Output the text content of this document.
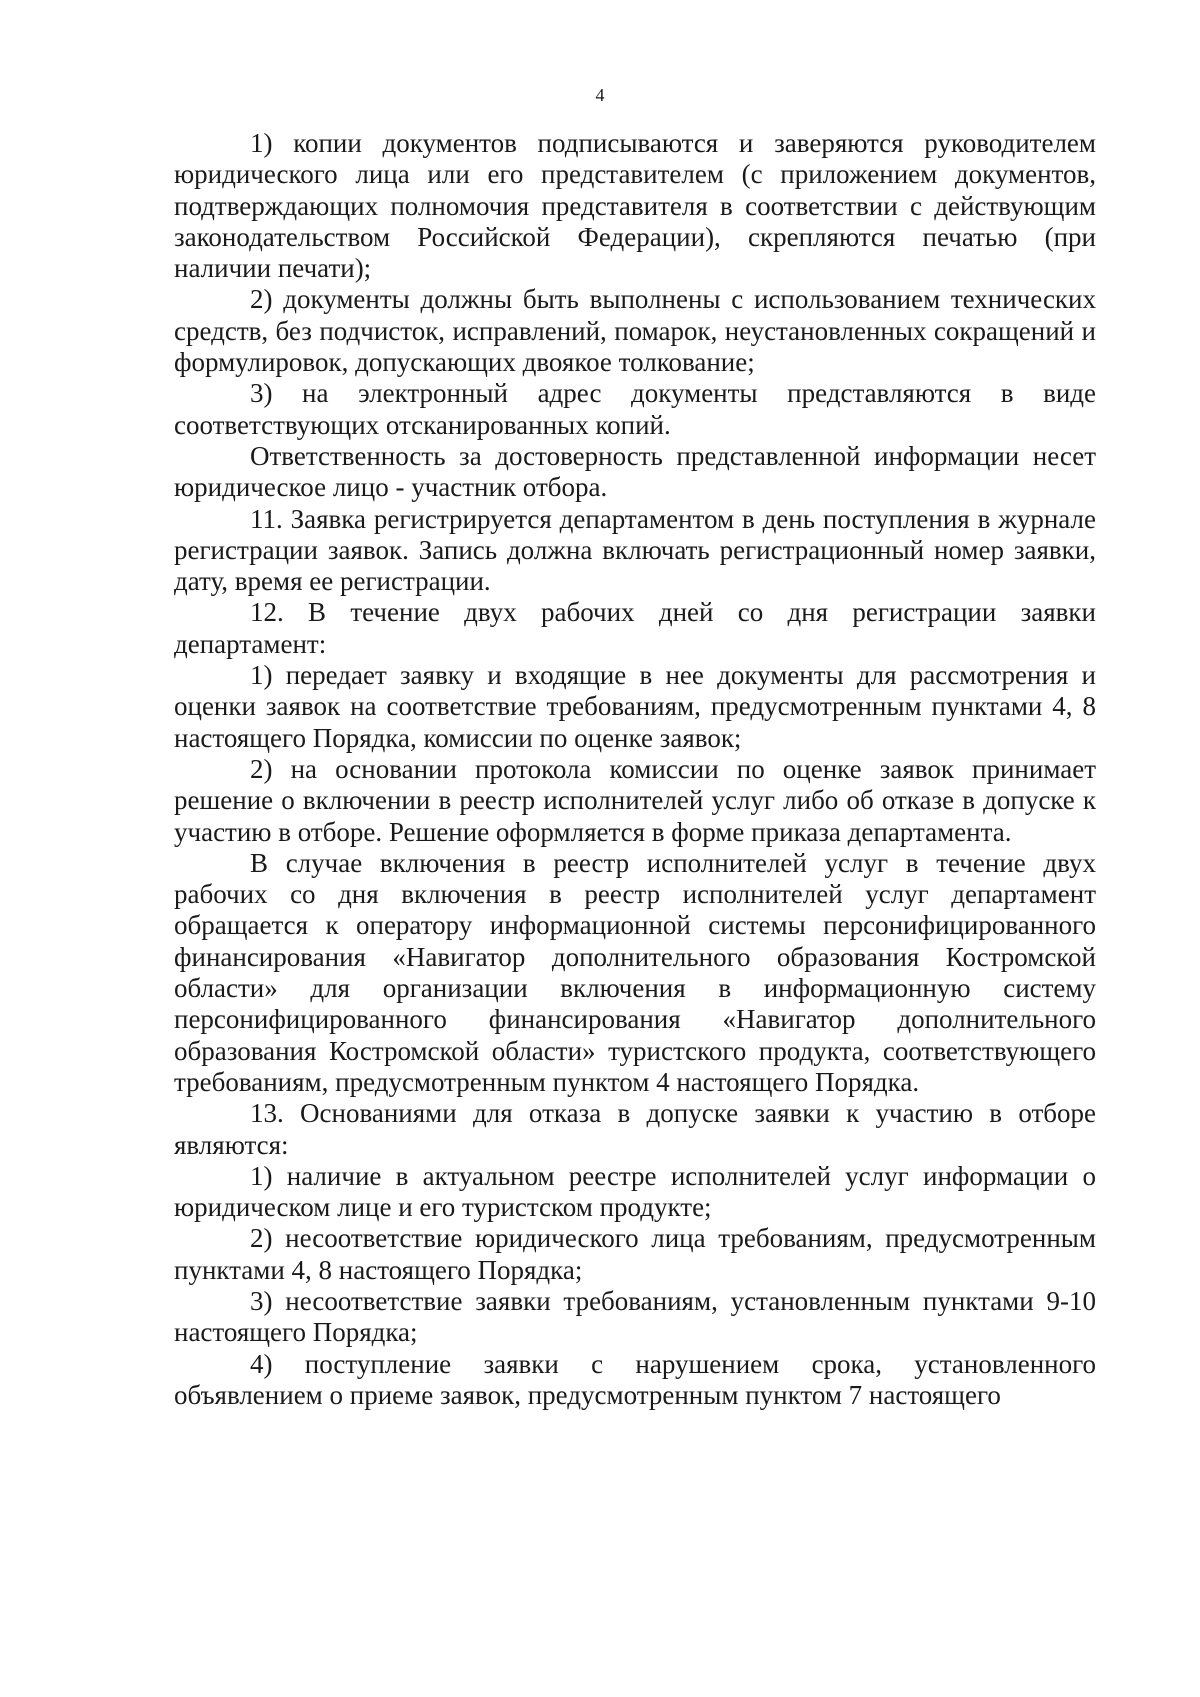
4

1) копии документов подписываются и заверяются руководителем юридического лица или его представителем (с приложением документов, подтверждающих полномочия представителя в соответствии с действующим законодательством Российской Федерации), скрепляются печатью (при наличии печати);

2) документы должны быть выполнены с использованием технических средств, без подчисток, исправлений, помарок, неустановленных сокращений и формулировок, допускающих двоякое толкование;

3) на электронный адрес документы представляются в виде соответствующих отсканированных копий.

Ответственность за достоверность представленной информации несет юридическое лицо - участник отбора.

11. Заявка регистрируется департаментом в день поступления в журнале регистрации заявок. Запись должна включать регистрационный номер заявки, дату, время ее регистрации.

12. В течение двух рабочих дней со дня регистрации заявки департамент:

1) передает заявку и входящие в нее документы для рассмотрения и оценки заявок на соответствие требованиям, предусмотренным пунктами 4, 8 настоящего Порядка, комиссии по оценке заявок;

2) на основании протокола комиссии по оценке заявок принимает решение о включении в реестр исполнителей услуг либо об отказе в допуске к участию в отборе. Решение оформляется в форме приказа департамента.

В случае включения в реестр исполнителей услуг в течение двух рабочих со дня включения в реестр исполнителей услуг департамент обращается к оператору информационной системы персонифицированного финансирования «Навигатор дополнительного образования Костромской области» для организации включения в информационную систему персонифицированного финансирования «Навигатор дополнительного образования Костромской области» туристского продукта, соответствующего требованиям, предусмотренным пунктом 4 настоящего Порядка.

13. Основаниями для отказа в допуске заявки к участию в отборе являются:

1) наличие в актуальном реестре исполнителей услуг информации о юридическом лице и его туристском продукте;

2) несоответствие юридического лица требованиям, предусмотренным пунктами 4, 8 настоящего Порядка;

3) несоответствие заявки требованиям, установленным пунктами 9-10 настоящего Порядка;

4) поступление заявки с нарушением срока, установленного объявлением о приеме заявок, предусмотренным пунктом 7 настоящего
